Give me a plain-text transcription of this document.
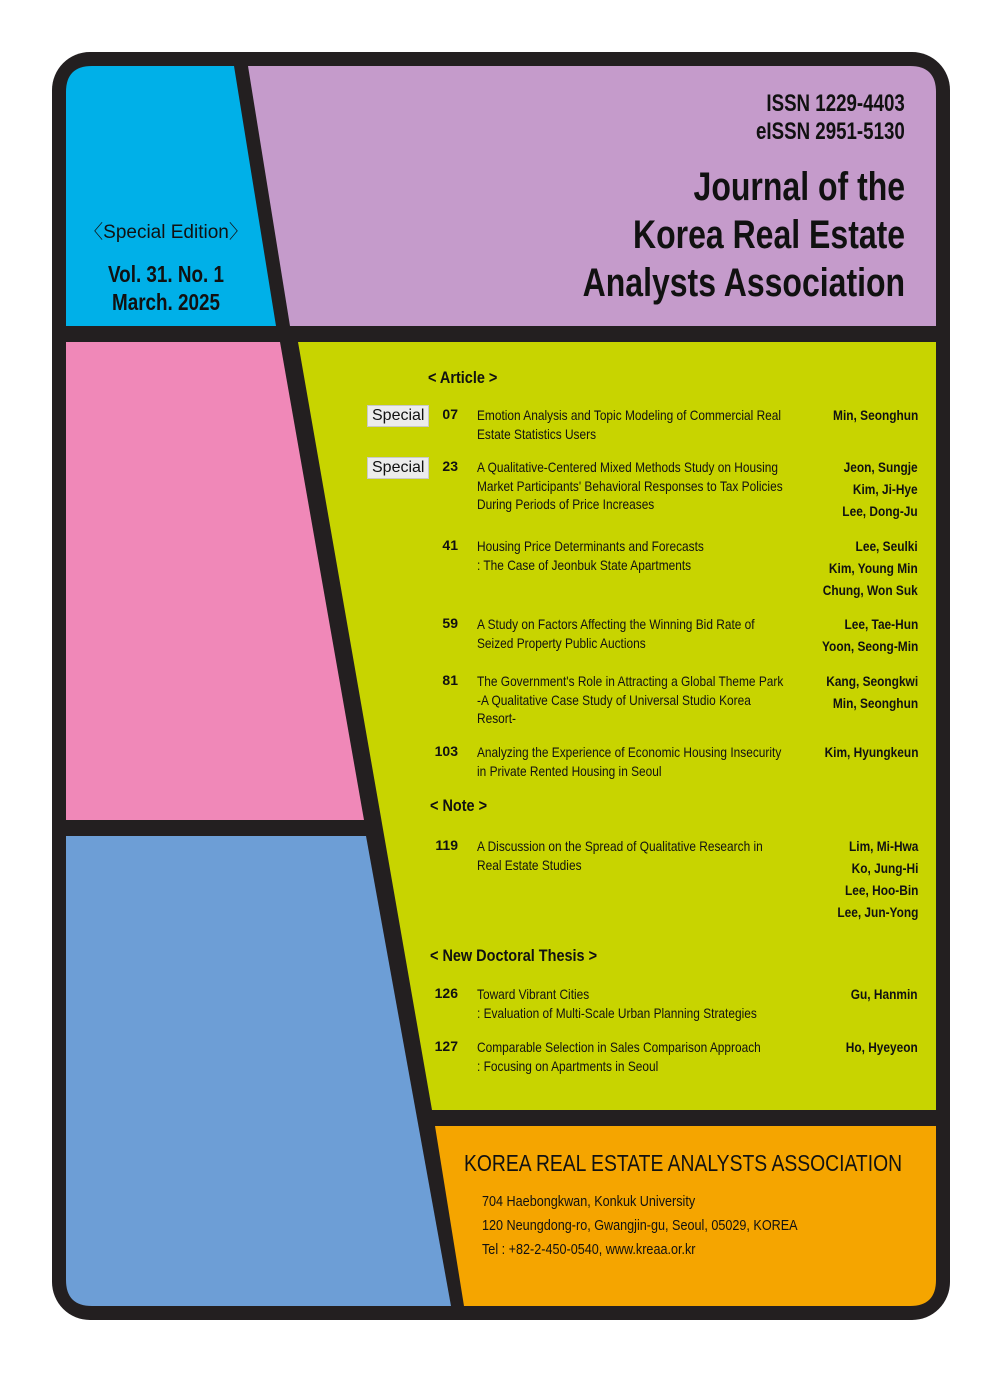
ISSN 1229-4403
eISSN 2951-5130
Journal of the
Korea Real Estate
Analysts Association
〈Special Edition〉
Vol. 31. No. 1
March. 2025
< Article >
< Note >
< New Doctoral Thesis >
Special	07 Emotion Analysis and Topic Modeling of Commercial Real
Estate Statistics Users
Min, Seonghun
Special	23 A Qualitative-Centered Mixed Methods Study on Housing
Market Participants' Behavioral Responses to Tax Policies
During Periods of Price Increases
Jeon, Sungje
Kim, Ji-Hye
Lee, Dong-Ju
41 Housing Price Determinants and Forecasts
: The Case of Jeonbuk State Apartments
Lee, Seulki
Kim, Young Min
Chung, Won Suk
59 A Study on Factors Affecting the Winning Bid Rate of
Seized Property Public Auctions
Lee, Tae-Hun
Yoon, Seong-Min
81 The Government's Role in Attracting a Global Theme Park
-A Qualitative Case Study of Universal Studio Korea
Resort-
Kang, Seongkwi
Min, Seonghun
103 Analyzing the Experience of Economic Housing Insecurity
in Private Rented Housing in Seoul
Kim, Hyungkeun
119 A Discussion on the Spread of Qualitative Research in
Real Estate Studies
Lim, Mi-Hwa
Ko, Jung-Hi
Lee, Hoo-Bin
Lee, Jun-Yong
126 Toward Vibrant Cities
: Evaluation of Multi-Scale Urban Planning Strategies
Gu, Hanmin
127 Comparable Selection in Sales Comparison Approach
: Focusing on Apartments in Seoul
Ho, Hyeyeon
KOREA REAL ESTATE ANALYSTS ASSOCIATION
704 Haebongkwan, Konkuk University
120 Neungdong-ro, Gwangjin-gu, Seoul, 05029, KOREA
Tel : +82-2-450-0540, www.kreaa.or.kr
